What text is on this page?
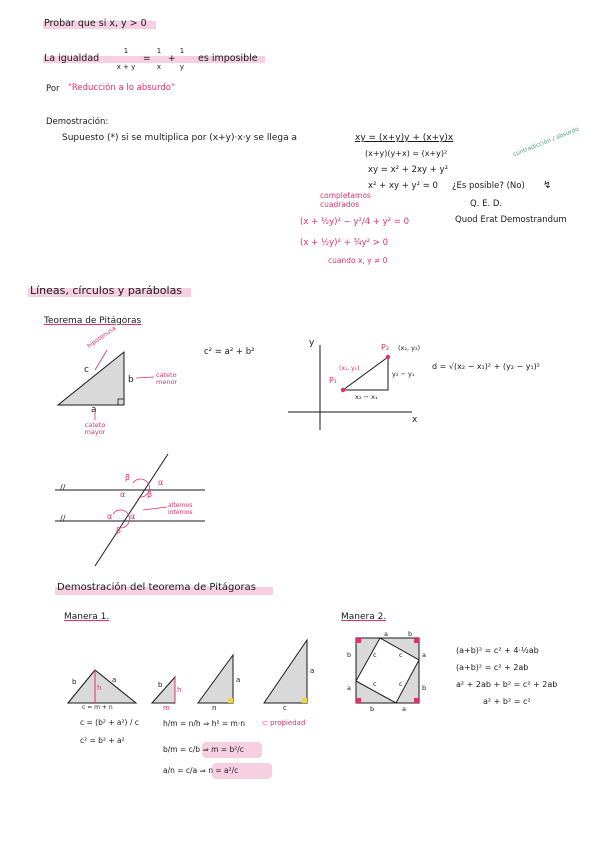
Probar que si x, y > 0
La igualdad
1
x + y
=
1
x
+
1
y
es imposible
Por "Reducción a lo absurdo"
Demostración:
Supuesto (*) si se multiplica por (x+y)·x·y se llega a	xy = (x+y)y + (x+y)x
(x+y)(y+x) = (x+y)²
xy = x² + 2xy + y²
x² + xy + y² = 0 ¿Es posible? (No) ↯
contradicción / absurdo
Q. E. D.
Quod Erat Demostrandum
completamos cuadrados
(x + ½y)² − y²/4 + y² = 0
(x + ½y)² + ¾y² > 0
cuando x, y ≠ 0
Líneas, círculos y parábolas
Teorema de Pitágoras
c² = a² + b²
c
b
a
hipotenusa
cateto menor
cateto mayor
y
x
P₁
(x₁, y₁)
P₂ (x₂, y₂)
y₂ − y₁
x₂ − x₁
d = √(x₂ − x₁)² + (y₂ − y₁)²
//
//
β
α	β
α
α α
β
alternos internos
Demostración del teorema de Pitágoras
Manera 1.	Manera 2.
b	a
h
c = m + n
b
h
m
a
n
a
c
c = (b² + a²) / c
c² = b² + a²
h/m = n/h ⇒ h² = m·n ⊂ propiedad
b/m = c/b ⇒ m = b²/c
a/n = c/a ⇒ n = a²/c
a	b
b
a
a
b
b	a
c	c
c	c
(a+b)² = c² + 4·½ab
(a+b)² = c² + 2ab
a² + 2ab + b² = c² + 2ab
a² + b² = c²
